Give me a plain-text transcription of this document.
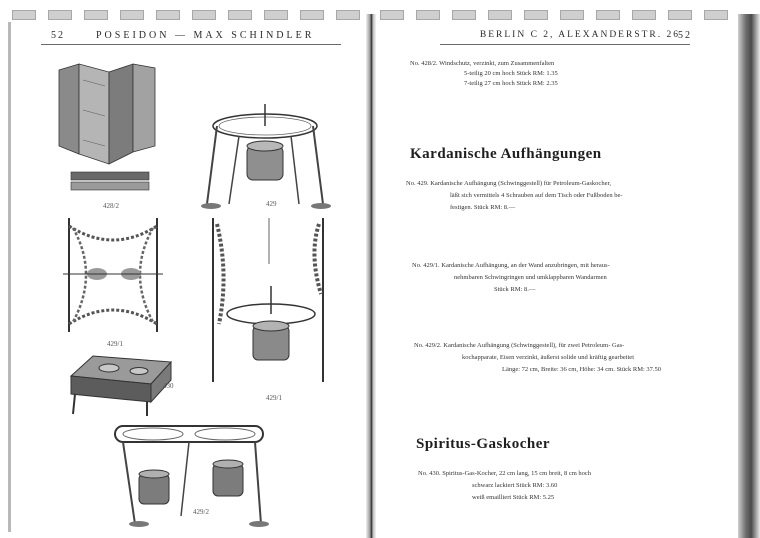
52	POSEIDON — MAX SCHINDLER
428/2	429
429/1
429/1
430
429/2
BERLIN C 2, ALEXANDERSTR. 26
52
No. 428/2. Windschutz, verzinkt, zum Zusammenfalten
5-teilig 20 cm hoch Stück RM: 1.35
7-teilig 27 cm hoch Stück RM: 2.35
Kardanische Aufhängungen
No. 429. Kardanische Aufhängung (Schwinggestell) für Petroleum-Gaskocher,
läßt sich vermittels 4 Schrauben auf dem Tisch oder Fußboden be-
festigen. Stück RM: 8.—
No. 429/1. Kardanische Aufhängung, an der Wand anzubringen, mit heraus-
nehmbaren Schwingringen und umklappbaren Wandarmen
Stück RM: 8.—
No. 429/2. Kardanische Aufhängung (Schwinggestell), für zwei Petroleum- Gas-
kochapparate, Eisen verzinkt, äußerst solide und kräftig gearbeitet
Länge: 72 cm, Breite: 36 cm, Höhe: 34 cm. Stück RM: 37.50
Spiritus-Gaskocher
No. 430. Spiritus-Gas-Kocher, 22 cm lang, 15 cm breit, 8 cm hoch
schwarz lackiert Stück RM: 3.60
weiß emailliert Stück RM: 5.25
